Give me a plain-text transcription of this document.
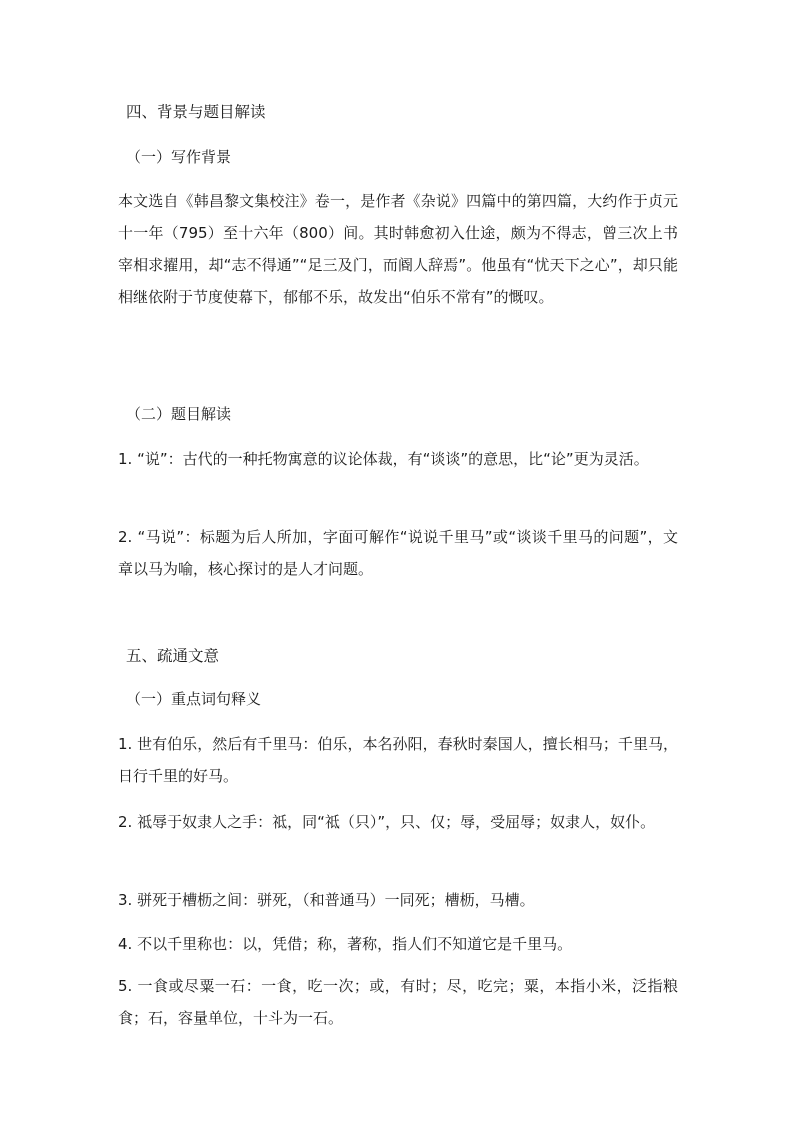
四、背景与题目解读
（一）写作背景
本文选自《韩昌黎文集校注》卷一，是作者《杂说》四篇中的第四篇，大约作于贞元十一年（795）至十六年（800）间。其时韩愈初入仕途，颇为不得志，曾三次上书宰相求擢用，却“志不得通”“足三及门，而阍人辞焉”。他虽有“忧天下之心”，却只能相继依附于节度使幕下，郁郁不乐，故发出“伯乐不常有”的慨叹。
（二）题目解读
1. “说”：古代的一种托物寓意的议论体裁，有“谈谈”的意思，比“论”更为灵活。
2. “马说”：标题为后人所加，字面可解作“说说千里马”或“谈谈千里马的问题”，文章以马为喻，核心探讨的是人才问题。
五、疏通文意
（一）重点词句释义
1. 世有伯乐，然后有千里马：伯乐，本名孙阳，春秋时秦国人，擅长相马；千里马，日行千里的好马。
2. 祗辱于奴隶人之手：祗，同“祗（只）”，只、仅；辱，受屈辱；奴隶人，奴仆。
3. 骈死于槽枥之间：骈死，（和普通马）一同死；槽枥，马槽。
4. 不以千里称也：以，凭借；称，著称，指人们不知道它是千里马。
5. 一食或尽粟一石：一食，吃一次；或，有时；尽，吃完；粟，本指小米，泛指粮食；石，容量单位，十斗为一石。
